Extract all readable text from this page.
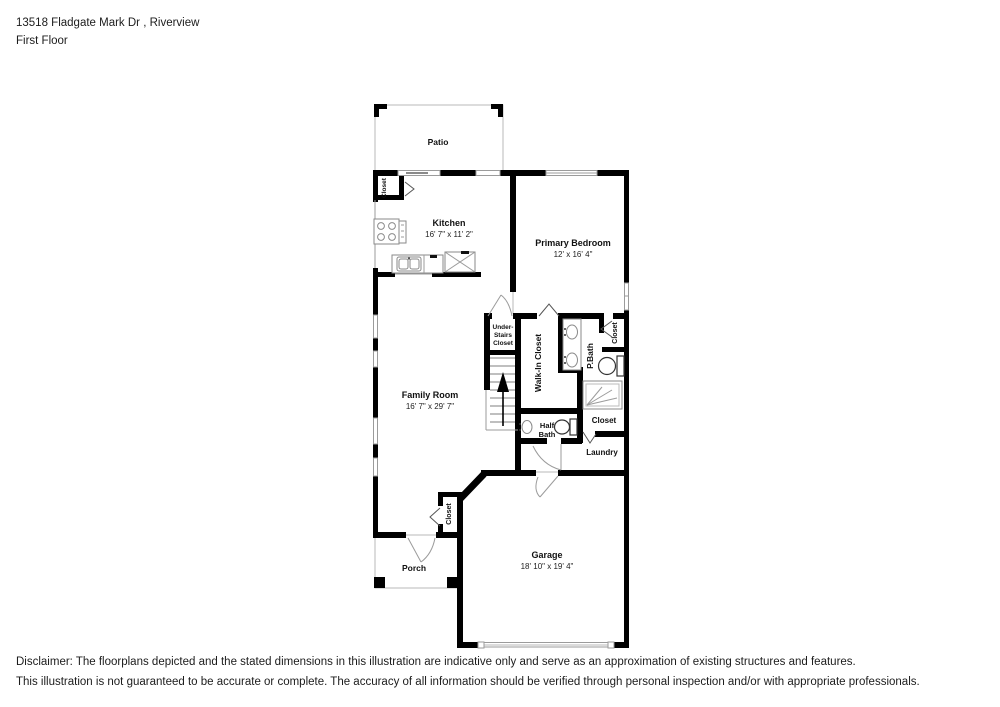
13518 Fladgate Mark Dr , Riverview
First Floor
Patio
Kitchen
16' 7" x 11' 2"
Closet
Primary Bedroom
12' x 16' 4"
Family Room
16' 7" x 29' 7"
Under-
Stairs
Closet Walk-In Closet	P.Bath
Closet
Half
Bath
Closet
Laundry
Closet
Garage
18' 10" x 19' 4"
Porch
Disclaimer: The floorplans depicted and the stated dimensions in this illustration are indicative only and serve as an approximation of existing structures and features.
This illustration is not guaranteed to be accurate or complete. The accuracy of all information should be verified through personal inspection and/or with appropriate professionals.
